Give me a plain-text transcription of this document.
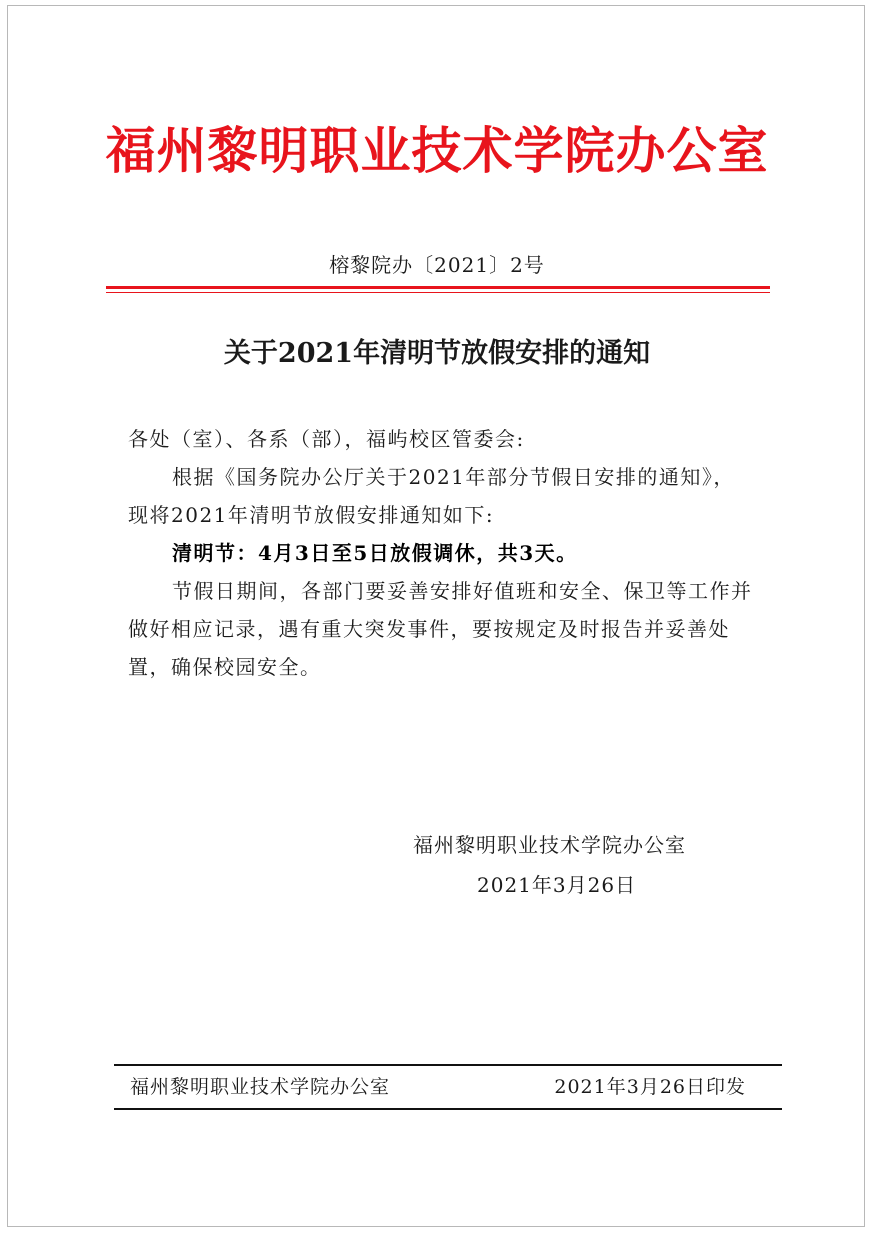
福州黎明职业技术学院办公室
榕黎院办〔2021〕2号
关于2021年清明节放假安排的通知

各处（室）、各系（部），福屿校区管委会:

根据《国务院办公厅关于2021年部分节假日安排的通知》，现将2021年清明节放假安排通知如下:

清明节：4月3日至5日放假调休，共3天。

节假日期间，各部门要妥善安排好值班和安全、保卫等工作并做好相应记录，遇有重大突发事件，要按规定及时报告并妥善处置，确保校园安全。

福州黎明职业技术学院办公室
2021年3月26日
福州黎明职业技术学院办公室	2021年3月26日印发
